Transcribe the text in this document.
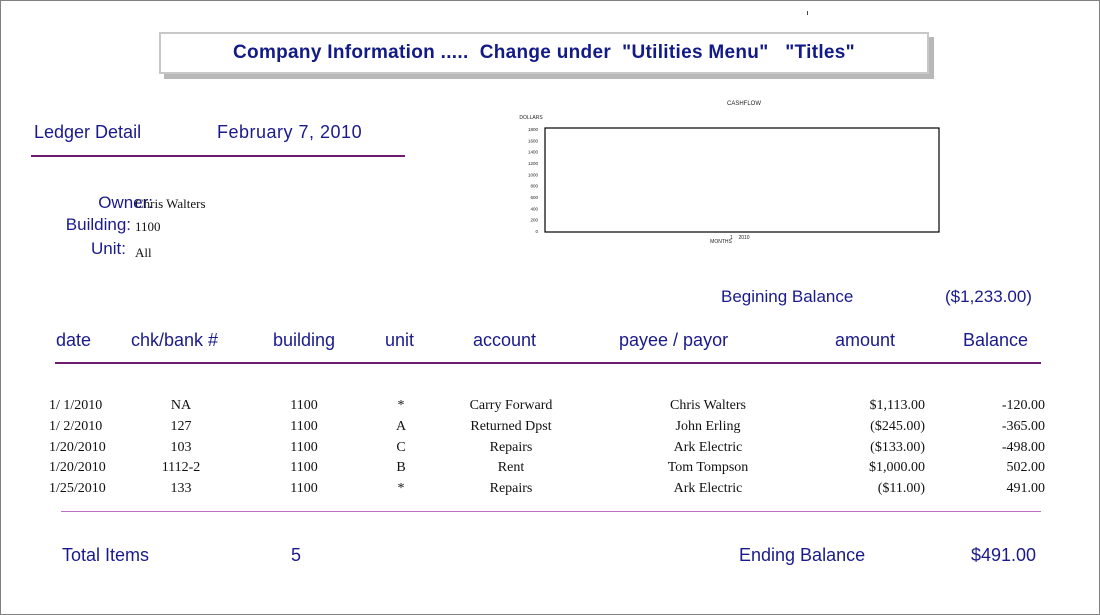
Company Information .....  Change under  "Utilities Menu"   "Titles"
Ledger Detail	February 7, 2010
Owner:
Chris Walters
Building: 1100
Unit: All
CASHFLOW
DOLLARS
1800
1600
1400
1200
1000
800
600
400
200
0
MONTHS
1 2010
Begining Balance	($1,233.00)
date chk/bank #	building	unit	account	payee / payor	amount	Balance
1/ 1/2010	NA	1100	*	Carry Forward	Chris Walters	$1,113.00	-120.00
1/ 2/2010	127	1100	A	Returned Dpst	John Erling	($245.00)	-365.00
1/20/2010	103	1100	C	Repairs	Ark Electric	($133.00)	-498.00
1/20/2010	1112-2	1100	B	Rent	Tom Tompson	$1,000.00	502.00
1/25/2010	133	1100	*	Repairs	Ark Electric	($11.00)	491.00
Total Items	5	Ending Balance	$491.00
